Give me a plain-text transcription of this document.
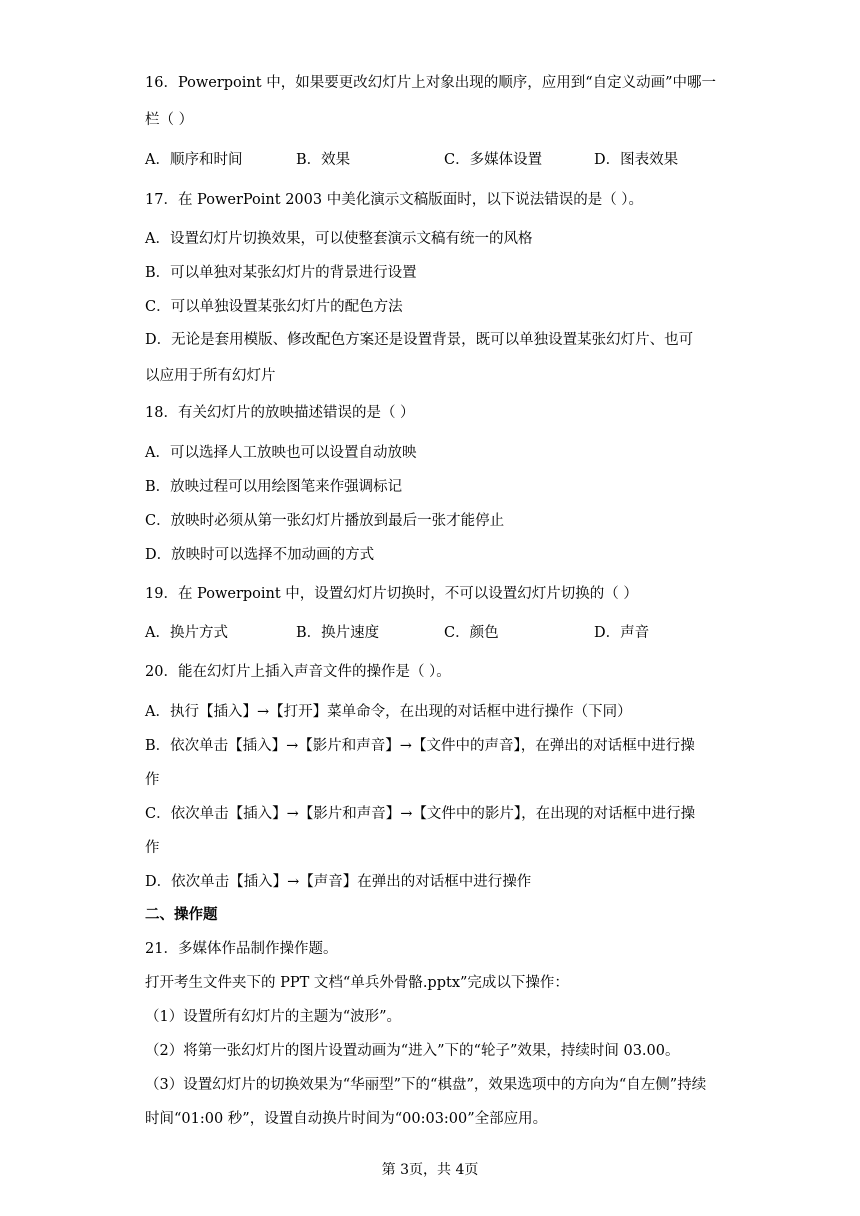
16．Powerpoint 中，如果要更改幻灯片上对象出现的顺序，应用到“自定义动画”中哪一
栏（ ）
A．顺序和时间	B．效果	C．多媒体设置	D．图表效果
17．在 PowerPoint 2003 中美化演示文稿版面时，以下说法错误的是（ ）。
A．设置幻灯片切换效果，可以使整套演示文稿有统一的风格
B．可以单独对某张幻灯片的背景进行设置
C．可以单独设置某张幻灯片的配色方法
D．无论是套用模版、修改配色方案还是设置背景，既可以单独设置某张幻灯片、也可
以应用于所有幻灯片
18．有关幻灯片的放映描述错误的是（ ）
A．可以选择人工放映也可以设置自动放映
B．放映过程可以用绘图笔来作强调标记
C．放映时必须从第一张幻灯片播放到最后一张才能停止
D．放映时可以选择不加动画的方式
19．在 Powerpoint 中，设置幻灯片切换时，不可以设置幻灯片切换的（ ）
A．换片方式	B．换片速度	C．颜色	D．声音
20．能在幻灯片上插入声音文件的操作是（ ）。
A．执行【插入】→【打开】菜单命令，在出现的对话框中进行操作（下同）
B．依次单击【插入】→【影片和声音】→【文件中的声音】，在弹出的对话框中进行操
作
C．依次单击【插入】→【影片和声音】→【文件中的影片】，在出现的对话框中进行操
作
D．依次单击【插入】→【声音】在弹出的对话框中进行操作
二、操作题
21．多媒体作品制作操作题。
打开考生文件夹下的 PPT 文档“单兵外骨骼.pptx”完成以下操作：
（1）设置所有幻灯片的主题为“波形”。
（2）将第一张幻灯片的图片设置动画为“进入”下的“轮子”效果，持续时间 03.00。
（3）设置幻灯片的切换效果为“华丽型”下的“棋盘”，效果选项中的方向为“自左侧”持续
时间“01:00 秒”，设置自动换片时间为“00:03:00”全部应用。
第 3页，共 4页
